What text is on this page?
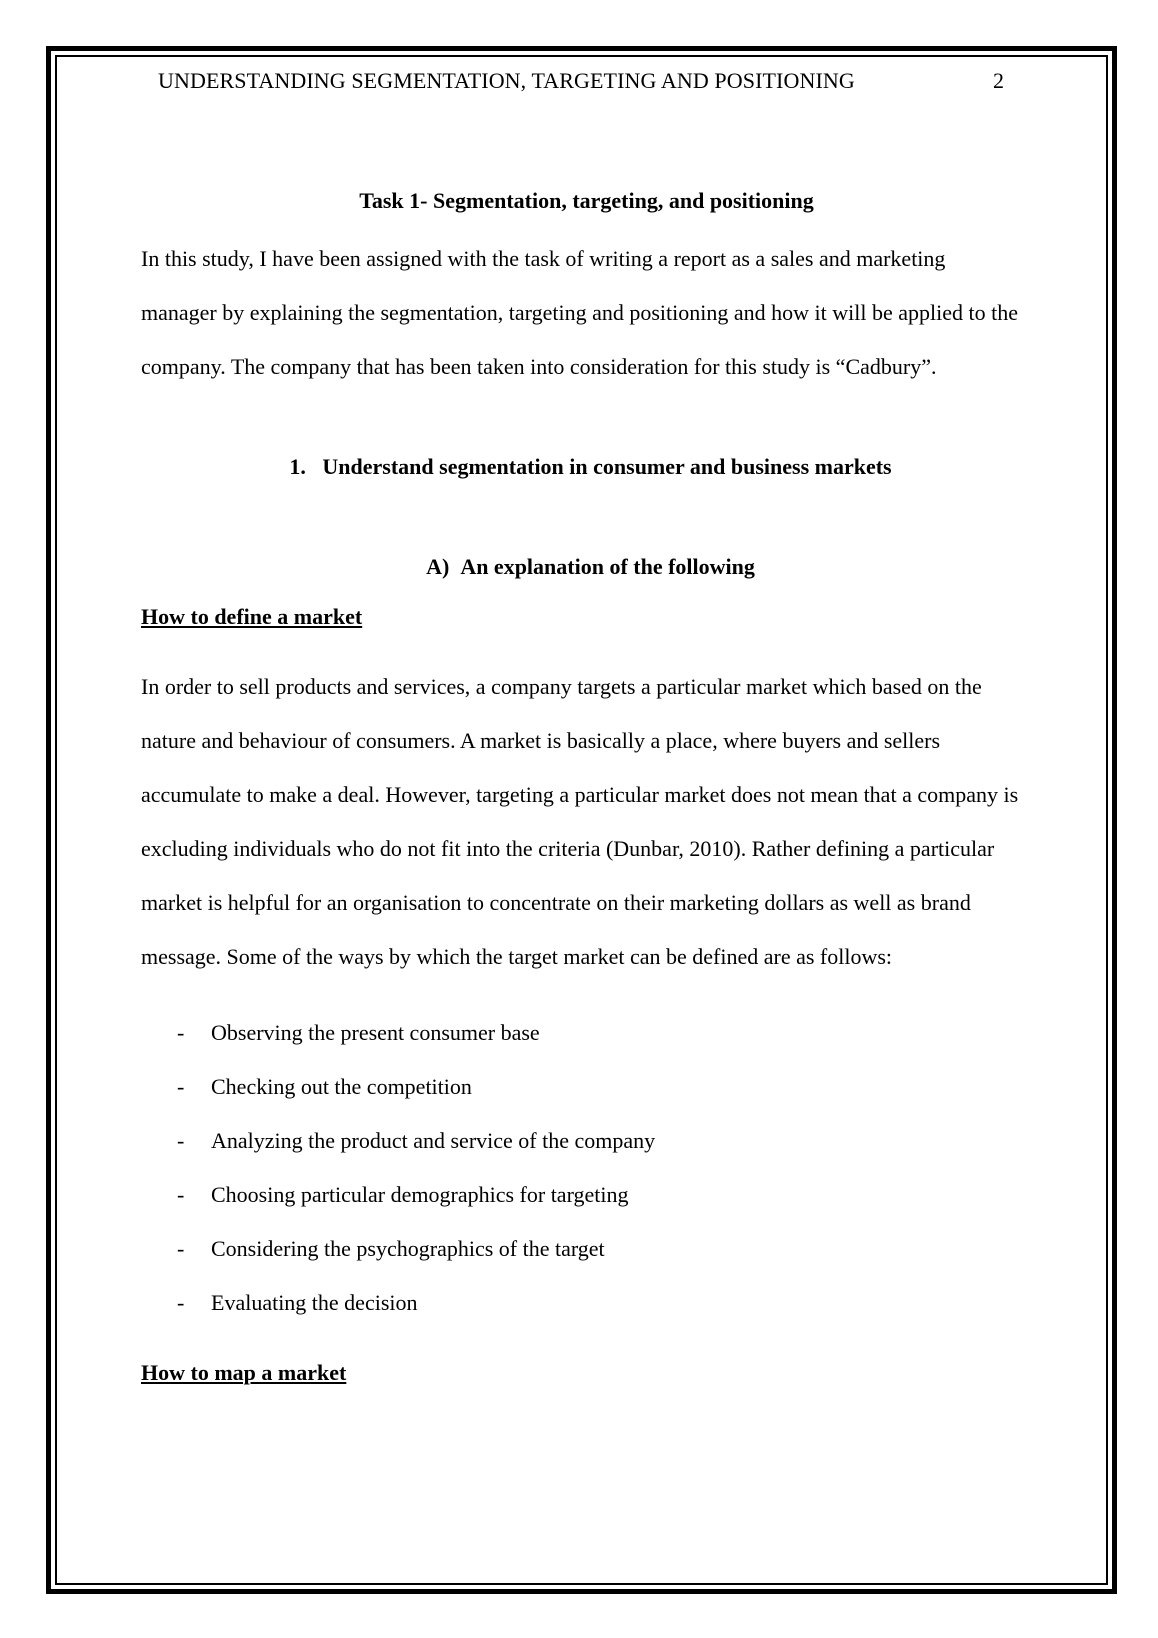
UNDERSTANDING SEGMENTATION, TARGETING AND POSITIONING	2
Task 1- Segmentation, targeting, and positioning

In this study, I have been assigned with the task of writing a report as a sales and marketing manager by explaining the segmentation, targeting and positioning and how it will be applied to the company. The company that has been taken into consideration for this study is “Cadbury”.

1. Understand segmentation in consumer and business markets
A) An explanation of the following
How to define a market

In order to sell products and services, a company targets a particular market which based on the nature and behaviour of consumers. A market is basically a place, where buyers and sellers accumulate to make a deal. However, targeting a particular market does not mean that a company is excluding individuals who do not fit into the criteria (Dunbar, 2010). Rather defining a particular market is helpful for an organisation to concentrate on their marketing dollars as well as brand message. Some of the ways by which the target market can be defined are as follows:

-	Observing the present consumer base
-	Checking out the competition
-	Analyzing the product and service of the company
-	Choosing particular demographics for targeting
-	Considering the psychographics of the target
-	Evaluating the decision
How to map a market
